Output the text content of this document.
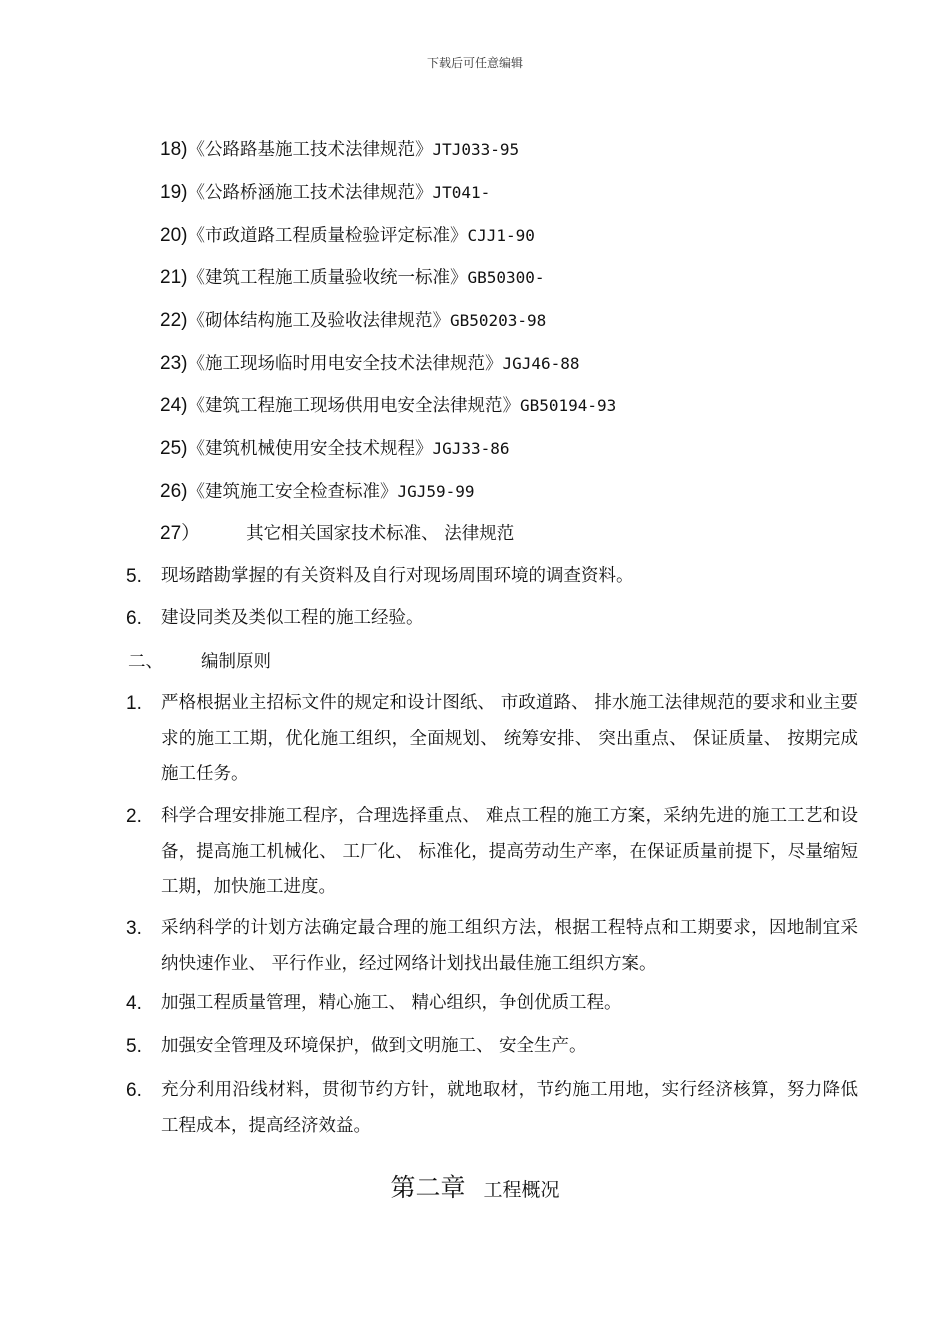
下载后可任意编辑
18)《公路路基施工技术法律规范》JTJ033-95
19)《公路桥涵施工技术法律规范》JT041-
20)《市政道路工程质量检验评定标准》CJJ1-90
21)《建筑工程施工质量验收统一标准》GB50300-
22)《砌体结构施工及验收法律规范》GB50203-98
23)《施工现场临时用电安全技术法律规范》JGJ46-88
24)《建筑工程施工现场供用电安全法律规范》GB50194-93
25)《建筑机械使用安全技术规程》JGJ33-86
26)《建筑施工安全检查标准》JGJ59-99
27）	其它相关国家技术标准、 法律规范
5. 现场踏勘掌握的有关资料及自行对现场周围环境的调查资料。
6. 建设同类及类似工程的施工经验。
二、 编制原则
1. 严格根据业主招标文件的规定和设计图纸、 市政道路、 排水施工法律规范的要求和业主要求的施工工期，优化施工组织，全面规划、 统筹安排、 突出重点、 保证质量、 按期完成施工任务。
2. 科学合理安排施工程序，合理选择重点、 难点工程的施工方案，采纳先进的施工工艺和设备，提高施工机械化、 工厂化、 标准化，提高劳动生产率，在保证质量前提下，尽量缩短工期，加快施工进度。
3. 采纳科学的计划方法确定最合理的施工组织方法，根据工程特点和工期要求，因地制宜采纳快速作业、 平行作业，经过网络计划找出最佳施工组织方案。
4. 加强工程质量管理，精心施工、 精心组织，争创优质工程。
5. 加强安全管理及环境保护，做到文明施工、 安全生产。
6. 充分利用沿线材料，贯彻节约方针，就地取材，节约施工用地，实行经济核算，努力降低工程成本，提高经济效益。
第二章 工程概况
